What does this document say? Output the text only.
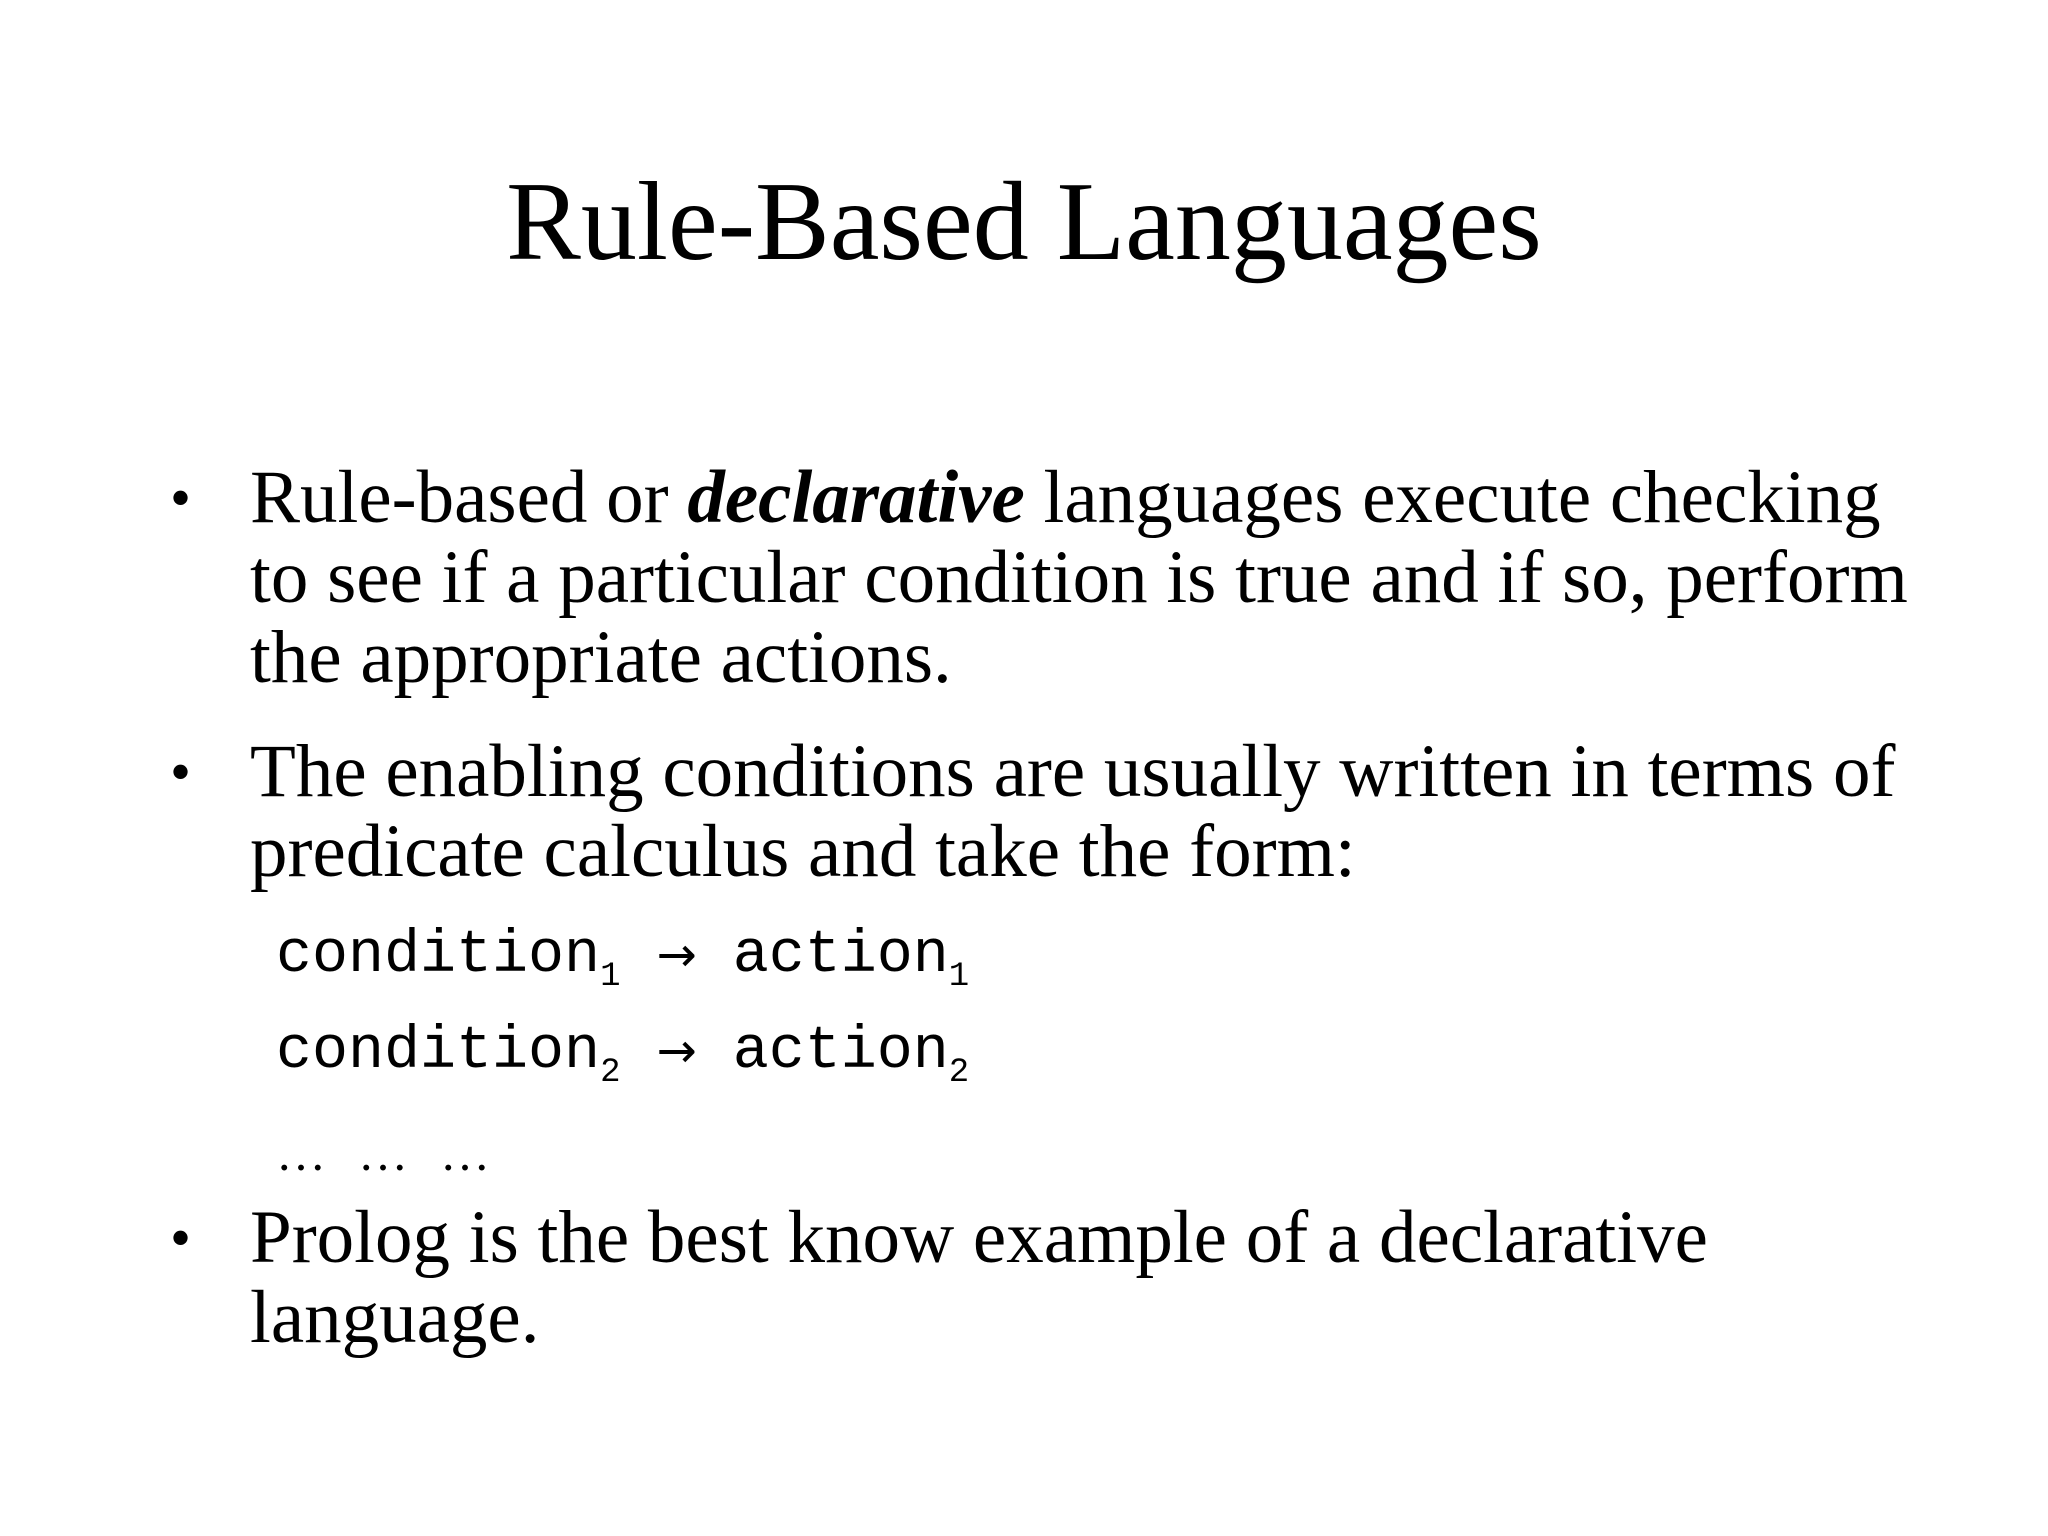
Rule-Based Languages
• Rule-based or declarative languages execute checking to see if a particular condition is true and if so, perform the appropriate actions.
• The enabling conditions are usually written in terms of predicate calculus and take the form:
condition$_1$ → action$_1$
condition$_2$ → action$_2$
… … …
• Prolog is the best know example of a declarative language.
